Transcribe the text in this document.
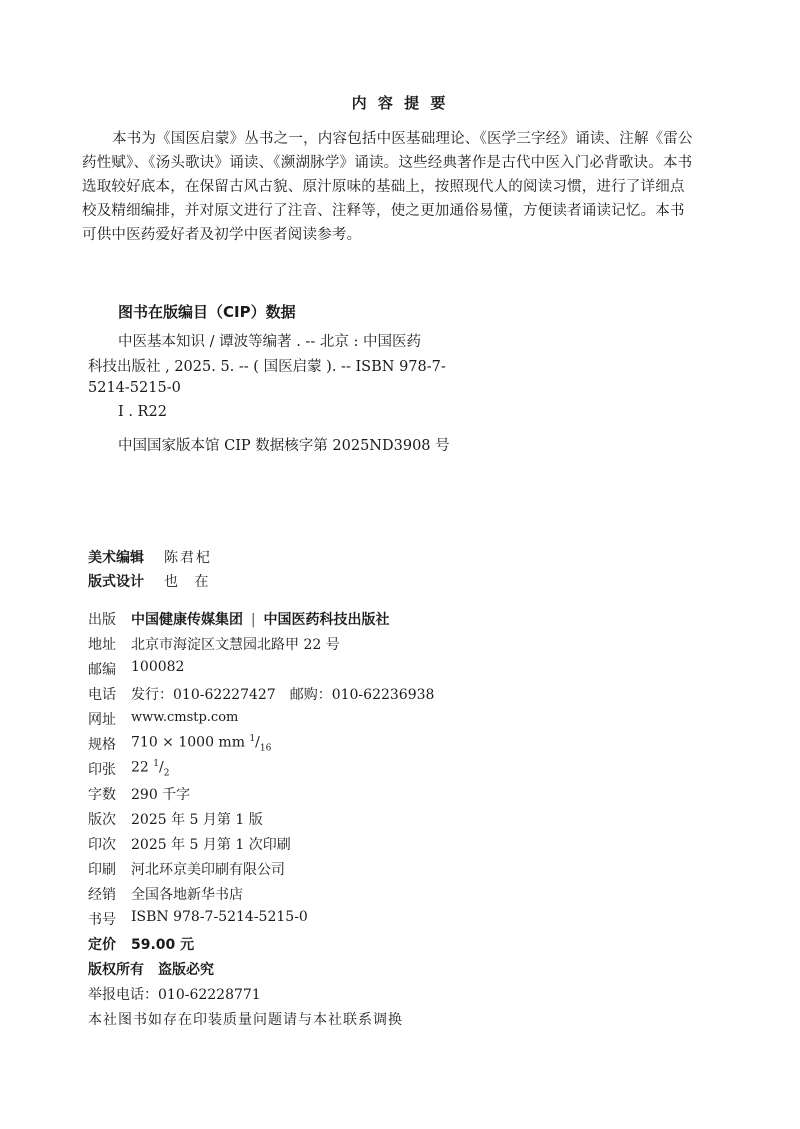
内 容 提 要
本书为《国医启蒙》丛书之一，内容包括中医基础理论、《医学三字经》诵读、注解《雷公
药性赋》、《汤头歌诀》诵读、《濒湖脉学》诵读。这些经典著作是古代中医入门必背歌诀。本书
选取较好底本，在保留古风古貌、原汁原味的基础上，按照现代人的阅读习惯，进行了详细点
校及精细编排，并对原文进行了注音、注释等，使之更加通俗易懂，方便读者诵读记忆。本书
可供中医药爱好者及初学中医者阅读参考。
图书在版编目（CIP）数据
中医基本知识 / 谭波等编著 . -- 北京 : 中国医药
科技出版社 , 2025. 5. -- ( 国医启蒙 ). -- ISBN 978-7-
5214-5215-0
Ⅰ . R22
中国国家版本馆 CIP 数据核字第 2025ND3908 号
美术编辑 陈君杞
版式设计 也 在
出版 中国健康传媒集团 | 中国医药科技出版社
地址 北京市海淀区文慧园北路甲 22 号
邮编 100082
电话 发行：010-62227427　邮购：010-62236938
网址 www.cmstp.com
规格 710 × 1000 mm $^1/_{16}$
印张 22 $^1/_2$
字数 290 千字
版次 2025 年 5 月第 1 版
印次 2025 年 5 月第 1 次印刷
印刷 河北环京美印刷有限公司
经销 全国各地新华书店
书号 ISBN 978-7-5214-5215-0
定价 59.00 元
版权所有　盗版必究
举报电话：010-62228771
本社图书如存在印装质量问题请与本社联系调换
